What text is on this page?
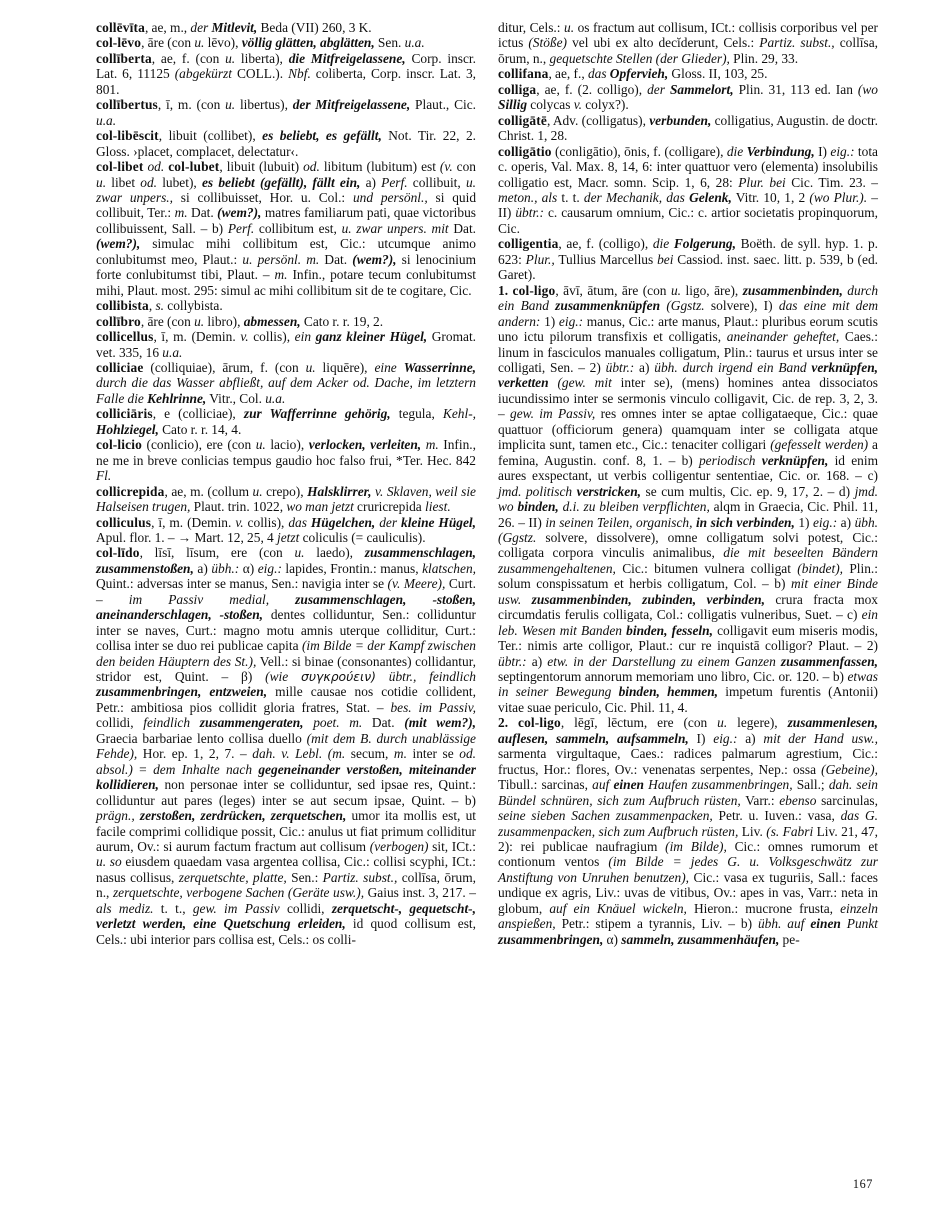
collēvīta, ae, m., der Mitlevit, Beda (VII) 260, 3 K.

col-lēvo, āre (con u. lēvo), völlig glätten, abglätten, Sen. u.a.

collīberta, ae, f. (con u. liberta), die Mitfreigelassene, Corp. inscr. Lat. 6, 11125 (abgekürzt COLL.). Nbf. coliberta, Corp. inscr. Lat. 3, 801.

collībertus, ī, m. (con u. libertus), der Mitfreigelassene, Plaut., Cic. u.a.

col-libēscit, libuit (collibet), es beliebt, es gefällt, Not. Tir. 22, 2. Gloss. ›placet, complacet, delectatur‹.

col-libet od. col-lubet, libuit (lubuit) od. libitum (lubitum) est (v. con u. libet od. lubet), es beliebt (gefällt), fällt ein, a) Perf. collibuit, u. zwar unpers., si collibuisset, Hor. u. Col.: und persönl., si quid collibuit, Ter.: m. Dat. (wem?), matres familiarum pati, quae victoribus collibuissent, Sall. – b) Perf. collibitum est, u. zwar unpers. mit Dat. (wem?), simulac mihi collibitum est, Cic.: utcumque animo conlubitumst meo, Plaut.: u. persönl. m. Dat. (wem?), si lenocinium forte conlubitumst tibi, Plaut. – m. Infin., potare tecum conlubitumst mihi, Plaut. most. 295: simul ac mihi collibitum sit de te cogitare, Cic.

collibista, s. collybista.

collībro, āre (con u. libro), abmessen, Cato r. r. 19, 2.

collicellus, ī, m. (Demin. v. collis), ein ganz kleiner Hügel, Gromat. vet. 335, 16 u.a.

colliciae (colliquiae), ārum, f. (con u. liquēre), eine Wasserrinne, durch die das Wasser abfließt, auf dem Acker od. Dache, im letztern Falle die Kehlrinne, Vitr., Col. u.a.

colliciāris, e (colliciae), zur Wafferrinne gehörig, tegula, Kehl-, Hohlziegel, Cato r. r. 14, 4.

col-licio (conlicio), ere (con u. lacio), verlocken, verleiten, m. Infin., ne me in breve conlicias tempus gaudio hoc falso frui, *Ter. Hec. 842 Fl.

collicrepida, ae, m. (collum u. crepo), Halsklirrer, v. Sklaven, weil sie Halseisen trugen, Plaut. trin. 1022, wo man jetzt cruricrepida liest.

colliculus, ī, m. (Demin. v. collis), das Hügelchen, der kleine Hügel, Apul. flor. 1. – → Mart. 12, 25, 4 jetzt coliculis (= cauliculis).

col-līdo, līsī, līsum, ere (con u. laedo), zusammenschlagen, zusammenstoßen, a) übh.: α) eig.: lapides, Frontin.: manus, klatschen, Quint.: adversas inter se manus, Sen.: navigia inter se (v. Meere), Curt. – im Passiv medial, zusammenschlagen, -stoßen, aneinanderschlagen, -stoßen, dentes colliduntur, Sen.: colliduntur inter se naves, Curt.: magno motu amnis uterque colliditur, Curt.: collisa inter se duo rei publicae capita (im Bilde = der Kampf zwischen den beiden Häuptern des St.), Vell.: si binae (consonantes) collidantur, stridor est, Quint. – β) (wie συγκρούειν) übtr., feindlich zusammenbringen, entzweien, mille causae nos cotidie collident, Petr.: ambitiosa pios collidit gloria fratres, Stat. – bes. im Passiv, collidi, feindlich zusammengeraten, poet. m. Dat. (mit wem?), Graecia barbariae lento collisa duello (mit dem B. durch unablässige Fehde), Hor. ep. 1, 2, 7. – dah. v. Lebl. (m. secum, m. inter se od. absol.) = dem Inhalte nach gegeneinander verstoßen, miteinander kollidieren, non personae inter se colliduntur, sed ipsae res, Quint.: colliduntur aut pares (leges) inter se aut secum ipsae, Quint. – b) prägn., zerstoßen, zerdrücken, zerquetschen, umor ita mollis est, ut facile comprimi collidique possit, Cic.: anulus ut fiat primum colliditur aurum, Ov.: si aurum factum fractum aut collisum (verbogen) sit, ICt.: u. so eiusdem quaedam vasa argentea collisa, Cic.: collisi scyphi, ICt.: nasus collisus, zerquetschte, platte, Sen.: Partiz. subst., collīsa, ōrum, n., zerquetschte, verbogene Sachen (Geräte usw.), Gaius inst. 3, 217. – als mediz. t. t., gew. im Passiv collidi, zerquetscht-, gequetscht-, verletzt werden, eine Quetschung erleiden, id quod collisum est, Cels.: ubi interior pars collisa est, Cels.: os colli-

ditur, Cels.: u. os fractum aut collisum, ICt.: collisis corporibus vel per ictus (Stöße) vel ubi ex alto decĭderunt, Cels.: Partiz. subst., collīsa, ōrum, n., gequetschte Stellen (der Glieder), Plin. 29, 33.

collifana, ae, f., das Opfervieh, Gloss. II, 103, 25.

colliga, ae, f. (2. colligo), der Sammelort, Plin. 31, 113 ed. Ian (wo Sillig colycas v. colyx?).

colligātē, Adv. (colligatus), verbunden, colligatius, Augustin. de doctr. Christ. 1, 28.

colligātio (conligātio), ōnis, f. (colligare), die Verbindung, I) eig.: tota c. operis, Val. Max. 8, 14, 6: inter quattuor vero (elementa) insolubilis colligatio est, Macr. somn. Scip. 1, 6, 28: Plur. bei Cic. Tim. 23. – meton., als t. t. der Mechanik, das Gelenk, Vitr. 10, 1, 2 (wo Plur.). – II) übtr.: c. causarum omnium, Cic.: c. artior societatis propinquorum, Cic.

colligentia, ae, f. (colligo), die Folgerung, Boëth. de syll. hyp. 1. p. 623: Plur., Tullius Marcellus bei Cassiod. inst. saec. litt. p. 539, b (ed. Garet).

1. col-ligo, āvī, ātum, āre (con u. ligo, āre), zusammenbinden, durch ein Band zusammenknüpfen (Ggstz. solvere), I) das eine mit dem andern: 1) eig.: manus, Cic.: arte manus, Plaut.: pluribus eorum scutis uno ictu pilorum transfixis et colligatis, aneinander geheftet, Caes.: linum in fasciculos manuales colligatum, Plin.: taurus et ursus inter se colligati, Sen. – 2) übtr.: a) übh. durch irgend ein Band verknüpfen, verketten (gew. mit inter se), (mens) homines antea dissociatos iucundissimo inter se sermonis vinculo colligavit, Cic. de rep. 3, 2, 3. – gew. im Passiv, res omnes inter se aptae colligataeque, Cic.: quae quattuor (officiorum genera) quamquam inter se colligata atque implicita sunt, tamen etc., Cic.: tenaciter colligari (gefesselt werden) a femina, Augustin. conf. 8, 1. – b) periodisch verknüpfen, id enim aures exspectant, ut verbis colligentur sententiae, Cic. or. 168. – c) jmd. politisch verstricken, se cum multis, Cic. ep. 9, 17, 2. – d) jmd. wo binden, d.i. zu bleiben verpflichten, alqm in Graecia, Cic. Phil. 11, 26. – II) in seinen Teilen, organisch, in sich verbinden, 1) eig.: a) übh. (Ggstz. solvere, dissolvere), omne colligatum solvi potest, Cic.: colligata corpora vinculis animalibus, die mit beseelten Bändern zusammengehaltenen, Cic.: bitumen vulnera colligat (bindet), Plin.: solum conspissatum et herbis colligatum, Col. – b) mit einer Binde usw. zusammenbinden, zubinden, verbinden, crura fracta mox circumdatis ferulis colligata, Col.: colligatis vulneribus, Suet. – c) ein leb. Wesen mit Banden binden, fesseln, colligavit eum miseris modis, Ter.: nimis arte colligor, Plaut.: cur re inquistā colligor? Plaut. – 2) übtr.: a) etw. in der Darstellung zu einem Ganzen zusammenfassen, septingentorum annorum memoriam uno libro, Cic. or. 120. – b) etwas in seiner Bewegung binden, hemmen, impetum furentis (Antonii) vitae suae periculo, Cic. Phil. 11, 4.

2. col-ligo, lēgī, lēctum, ere (con u. legere), zusammenlesen, auflesen, sammeln, aufsammeln, I) eig.: a) mit der Hand usw., sarmenta virgultaque, Caes.: radices palmarum agrestium, Cic.: fructus, Hor.: flores, Ov.: venenatas serpentes, Nep.: ossa (Gebeine), Tibull.: sarcinas, auf einen Haufen zusammenbringen, Sall.; dah. sein Bündel schnüren, sich zum Aufbruch rüsten, Varr.: ebenso sarcinulas, seine sieben Sachen zusammenpacken, Petr. u. Iuven.: vasa, das G. zusammenpacken, sich zum Aufbruch rüsten, Liv. (s. Fabri Liv. 21, 47, 2): rei publicae naufragium (im Bilde), Cic.: omnes rumorum et contionum ventos (im Bilde = jedes G. u. Volksgeschwätz zur Anstiftung von Unruhen benutzen), Cic.: vasa ex tuguriis, Sall.: faces undique ex agris, Liv.: uvas de vitibus, Ov.: apes in vas, Varr.: neta in globum, auf ein Knäuel wickeln, Hieron.: mucrone frusta, einzeln anspießen, Petr.: stipem a tyrannis, Liv. – b) übh. auf einen Punkt zusammenbringen, α) sammeln, zusammenhäufen, pe-

167
